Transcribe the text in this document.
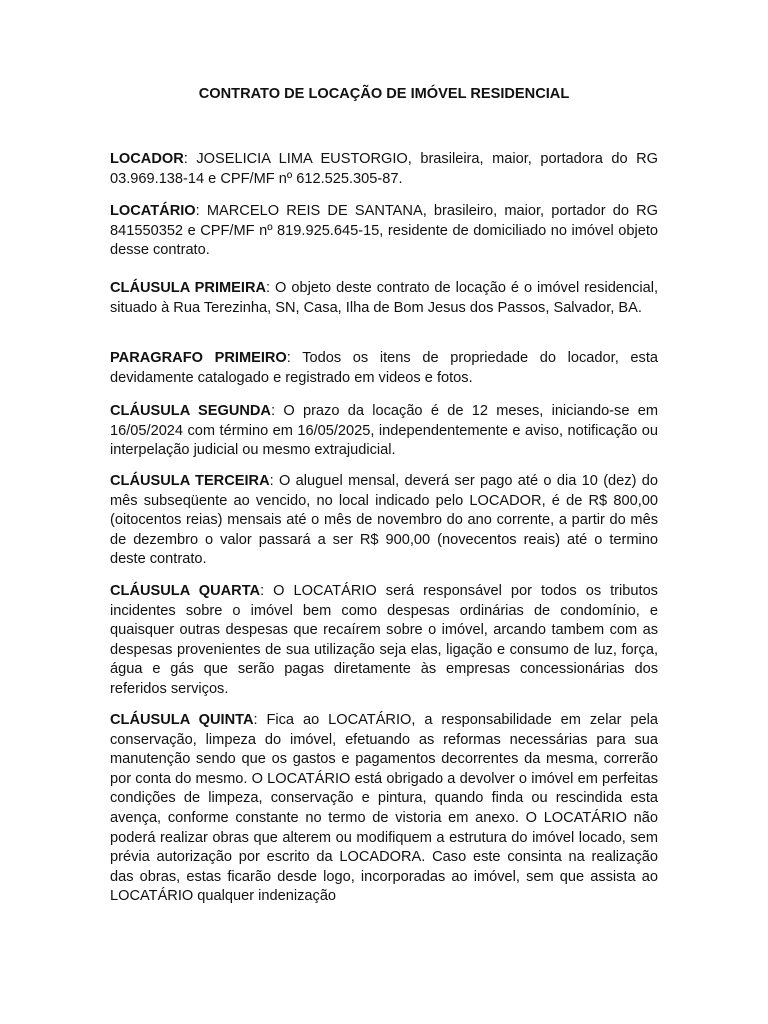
CONTRATO DE LOCAÇÃO DE IMÓVEL RESIDENCIAL

LOCADOR: JOSELICIA LIMA EUSTORGIO, brasileira, maior, portadora do RG 03.969.138-14 e CPF/MF nº 612.525.305-87.

LOCATÁRIO: MARCELO REIS DE SANTANA, brasileiro, maior, portador do RG 841550352 e CPF/MF nº 819.925.645-15, residente de domiciliado no imóvel objeto desse contrato.

CLÁUSULA PRIMEIRA: O objeto deste contrato de locação é o imóvel residencial, situado à Rua Terezinha, SN, Casa, Ilha de Bom Jesus dos Passos, Salvador, BA.

PARAGRAFO PRIMEIRO: Todos os itens de propriedade do locador, esta devidamente catalogado e registrado em videos e fotos.

CLÁUSULA SEGUNDA: O prazo da locação é de 12 meses, iniciando-se em 16/05/2024 com término em 16/05/2025, independentemente e aviso, notificação ou interpelação judicial ou mesmo extrajudicial.

CLÁUSULA TERCEIRA: O aluguel mensal, deverá ser pago até o dia 10 (dez) do mês subseqüente ao vencido, no local indicado pelo LOCADOR, é de R$ 800,00 (oitocentos reias) mensais até o mês de novembro do ano corrente, a partir do mês de dezembro o valor passará a ser R$ 900,00 (novecentos reais) até o termino deste contrato.

CLÁUSULA QUARTA: O LOCATÁRIO será responsável por todos os tributos incidentes sobre o imóvel bem como despesas ordinárias de condomínio, e quaisquer outras despesas que recaírem sobre o imóvel, arcando tambem com as despesas provenientes de sua utilização seja elas, ligação e consumo de luz, força, água e gás que serão pagas diretamente às empresas concessionárias dos referidos serviços.

CLÁUSULA QUINTA: Fica ao LOCATÁRIO, a responsabilidade em zelar pela conservação, limpeza do imóvel, efetuando as reformas necessárias para sua manutenção sendo que os gastos e pagamentos decorrentes da mesma, correrão por conta do mesmo. O LOCATÁRIO está obrigado a devolver o imóvel em perfeitas condições de limpeza, conservação e pintura, quando finda ou rescindida esta avença, conforme constante no termo de vistoria em anexo. O LOCATÁRIO não poderá realizar obras que alterem ou modifiquem a estrutura do imóvel locado, sem prévia autorização por escrito da LOCADORA. Caso este consinta na realização das obras, estas ficarão desde logo, incorporadas ao imóvel, sem que assista ao LOCATÁRIO qualquer indenização
